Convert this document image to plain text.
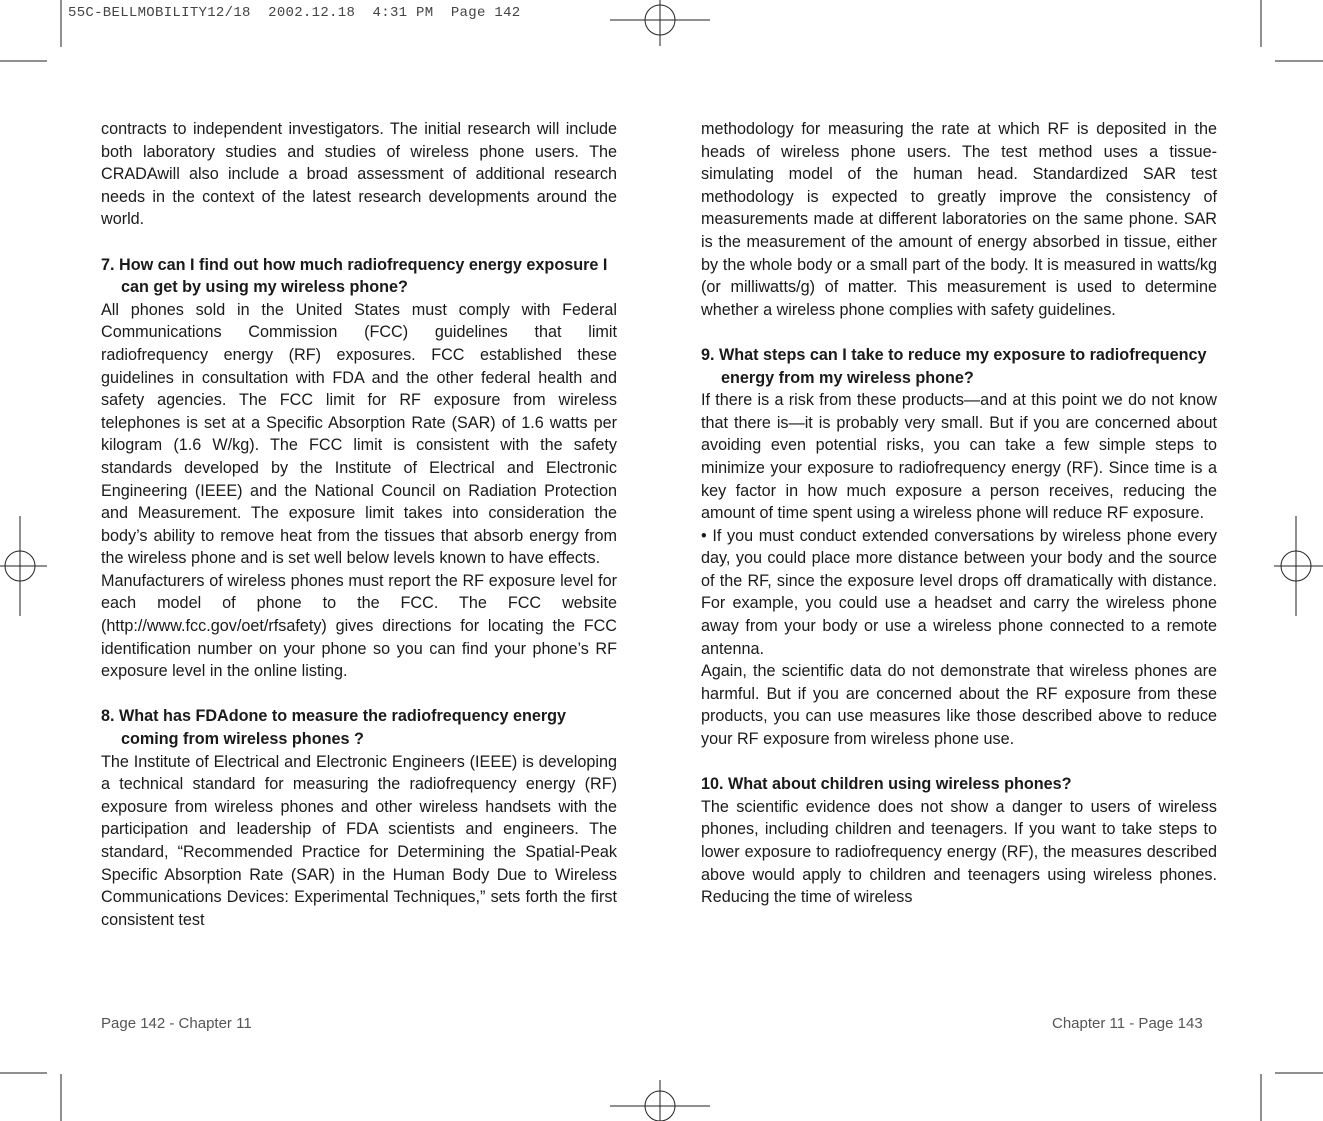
55C-BELLMOBILITY12/18  2002.12.18  4:31 PM  Page 142

contracts to independent investigators. The initial research will include both laboratory studies and studies of wireless phone users. The CRADAwill also include a broad assessment of additional research needs in the context of the latest research developments around the world.

7. How can I find out how much radiofrequency energy exposure I can get by using my wireless phone?

All phones sold in the United States must comply with Federal Communications Commission (FCC) guidelines that limit radiofrequency energy (RF) exposures. FCC established these guidelines in consultation with FDA and the other federal health and safety agencies. The FCC limit for RF exposure from wireless telephones is set at a Specific Absorption Rate (SAR) of 1.6 watts per kilogram (1.6 W/kg). The FCC limit is consistent with the safety standards developed by the Institute of Electrical and Electronic Engineering (IEEE) and the National Council on Radiation Protection and Measurement. The exposure limit takes into consideration the body’s ability to remove heat from the tissues that absorb energy from the wireless phone and is set well below levels known to have effects.

Manufacturers of wireless phones must report the RF exposure level for each model of phone to the FCC. The FCC website (http://www.fcc.gov/oet/rfsafety) gives directions for locating the FCC identification number on your phone so you can find your phone’s RF exposure level in the online listing.

8. What has FDAdone to measure the radiofrequency energy coming from wireless phones ?

The Institute of Electrical and Electronic Engineers (IEEE) is developing a technical standard for measuring the radiofrequency energy (RF) exposure from wireless phones and other wireless handsets with the participation and leadership of FDA scientists and engineers. The standard, “Recommended Practice for Determining the Spatial-Peak Specific Absorption Rate (SAR) in the Human Body Due to Wireless Communications Devices: Experimental Techniques,” sets forth the first consistent test

methodology for measuring the rate at which RF is deposited in the heads of wireless phone users. The test method uses a tissue-simulating model of the human head. Standardized SAR test methodology is expected to greatly improve the consistency of measurements made at different laboratories on the same phone. SAR is the measurement of the amount of energy absorbed in tissue, either by the whole body or a small part of the body. It is measured in watts/kg (or milliwatts/g) of matter. This measurement is used to determine whether a wireless phone complies with safety guidelines.

9. What steps can I take to reduce my exposure to radiofrequency energy from my wireless phone?

If there is a risk from these products—and at this point we do not know that there is—it is probably very small. But if you are concerned about avoiding even potential risks, you can take a few simple steps to minimize your exposure to radiofrequency energy (RF). Since time is a key factor in how much exposure a person receives, reducing the amount of time spent using a wireless phone will reduce RF exposure.

• If you must conduct extended conversations by wireless phone every day, you could place more distance between your body and the source of the RF, since the exposure level drops off dramatically with distance. For example, you could use a headset and carry the wireless phone away from your body or use a wireless phone connected to a remote antenna.

Again, the scientific data do not demonstrate that wireless phones are harmful. But if you are concerned about the RF exposure from these products, you can use measures like those described above to reduce your RF exposure from wireless phone use.

10. What about children using wireless phones?

The scientific evidence does not show a danger to users of wireless phones, including children and teenagers. If you want to take steps to lower exposure to radiofrequency energy (RF), the measures described above would apply to children and teenagers using wireless phones. Reducing the time of wireless

Page 142 - Chapter 11	Chapter 11 - Page 143
